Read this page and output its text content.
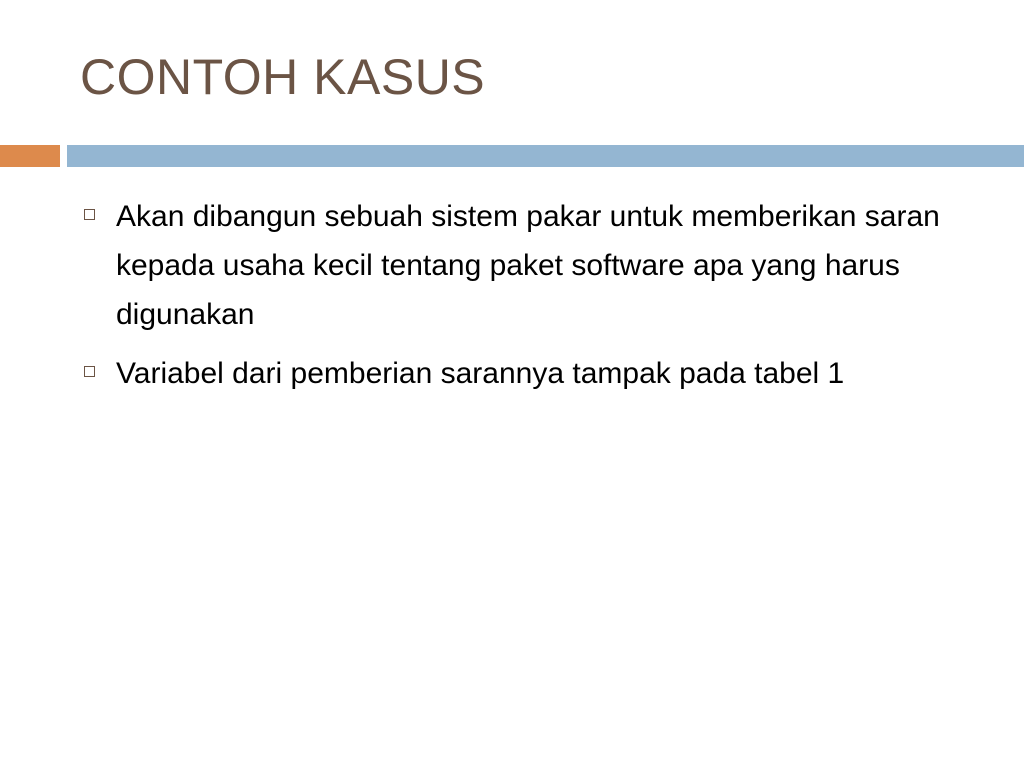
CONTOH KASUS
Akan dibangun sebuah sistem pakar untuk memberikan saran kepada usaha kecil tentang paket software apa yang harus digunakan
Variabel dari pemberian sarannya tampak pada tabel 1
